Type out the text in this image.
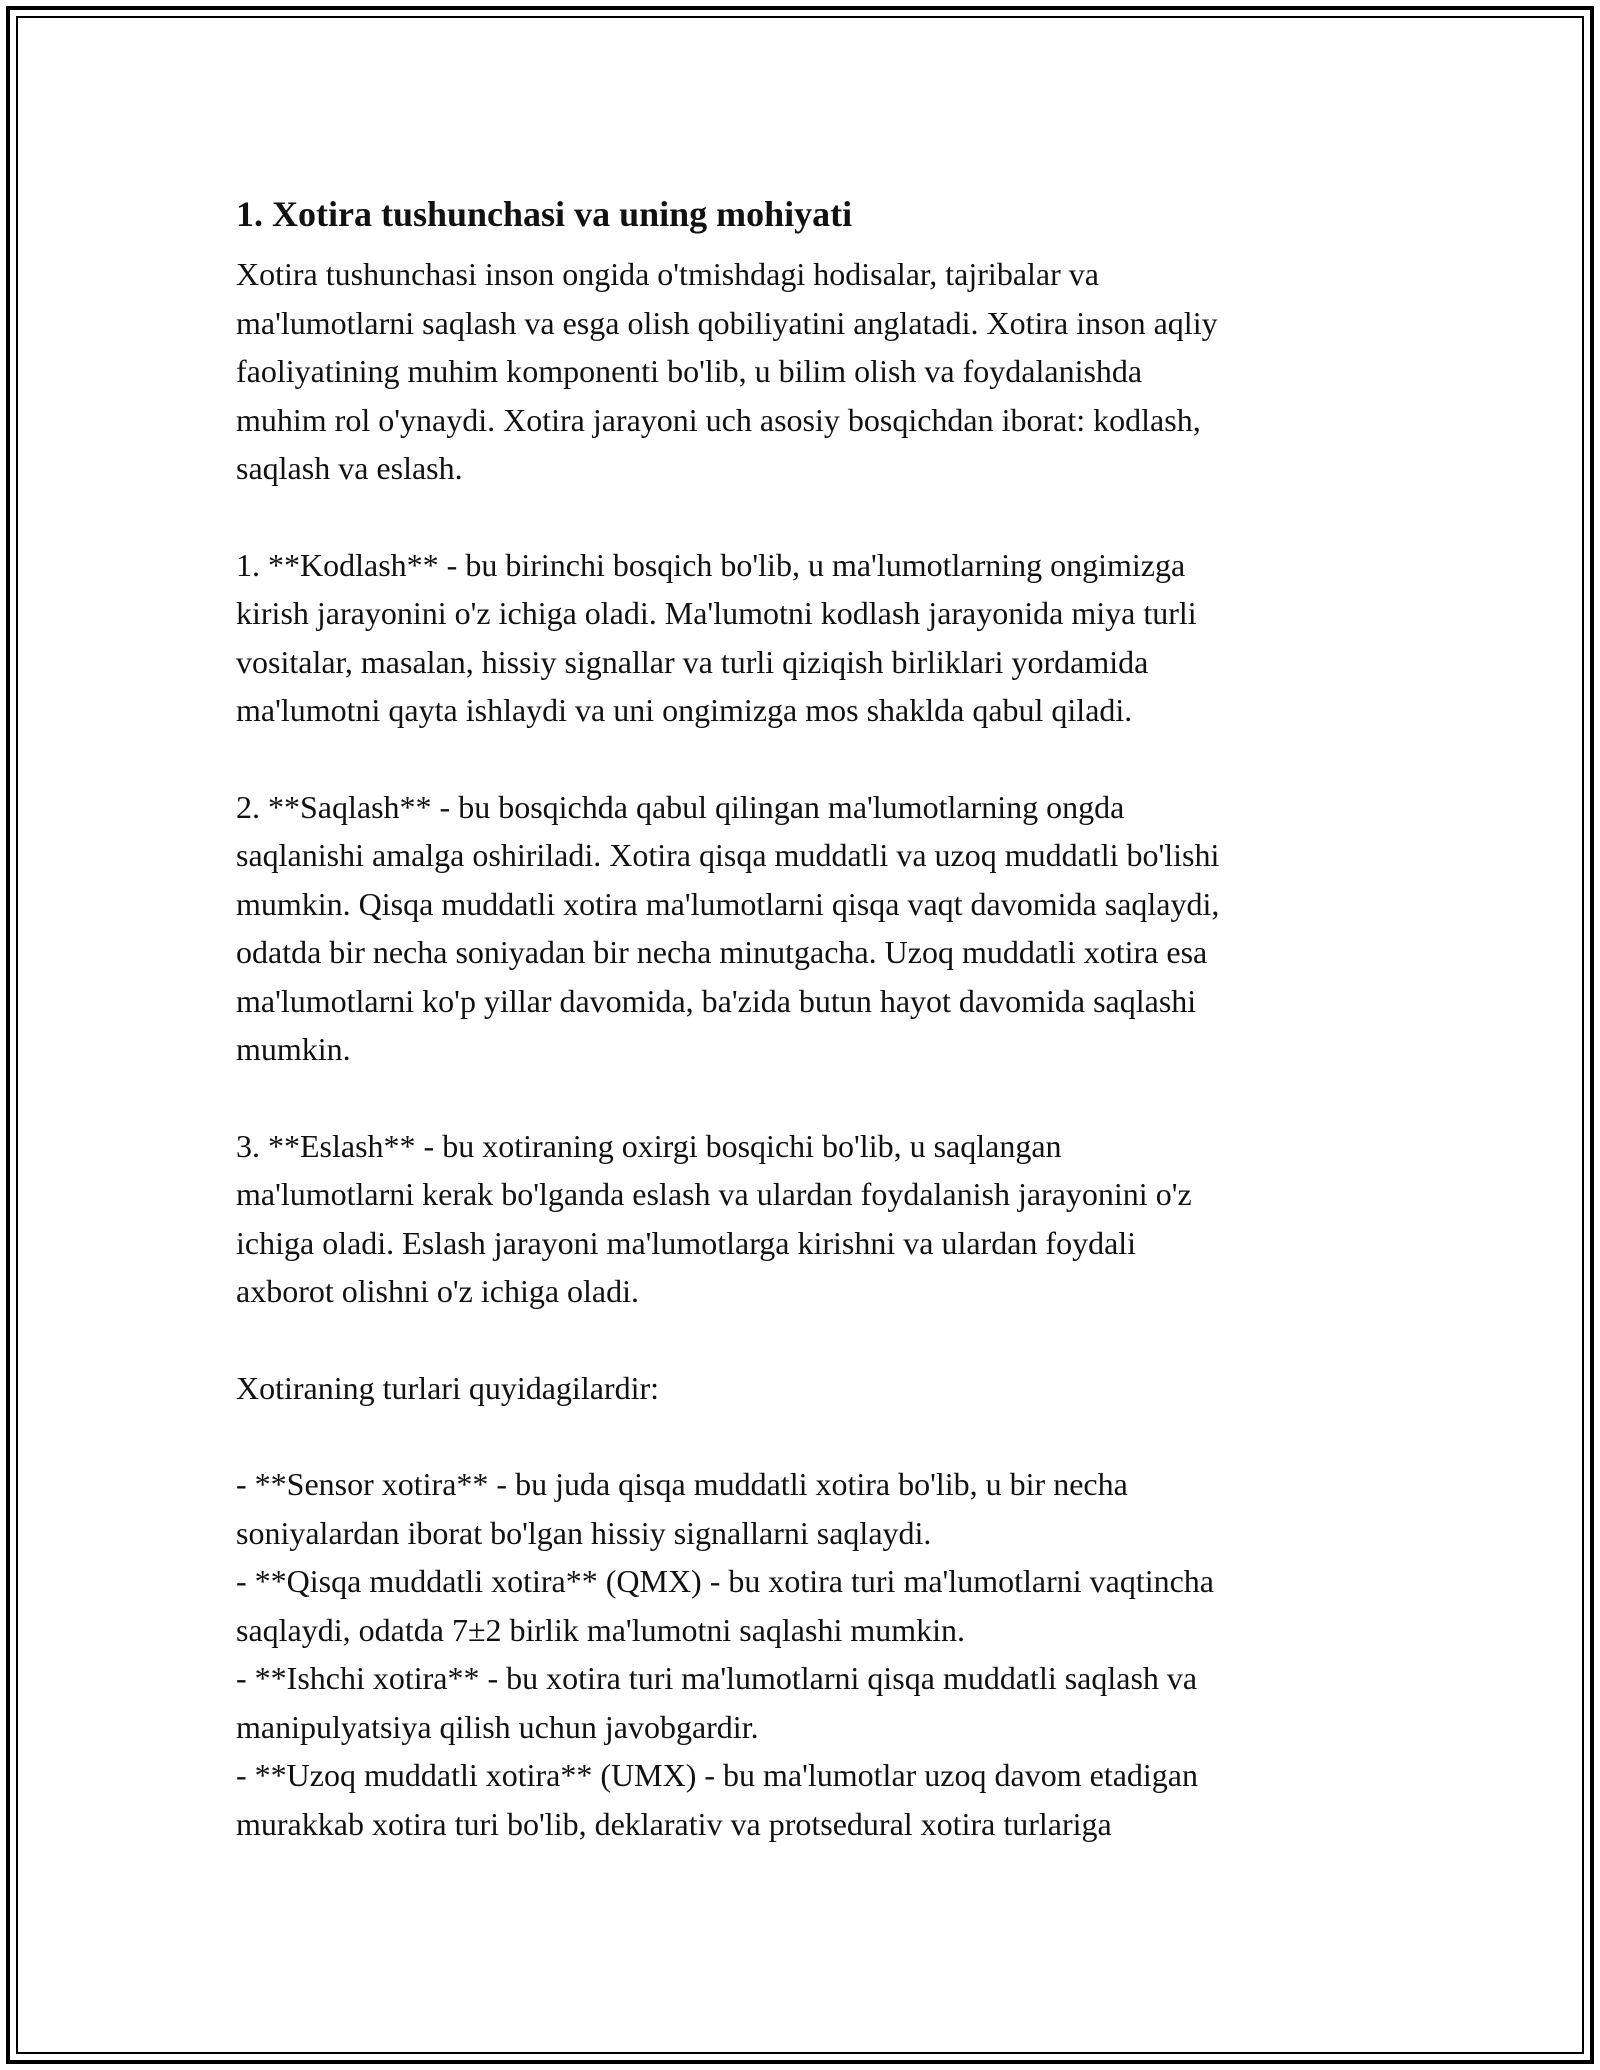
1. Xotira tushunchasi va uning mohiyati

Xotira tushunchasi inson ongida o'tmishdagi hodisalar, tajribalar va
ma'lumotlarni saqlash va esga olish qobiliyatini anglatadi. Xotira inson aqliy
faoliyatining muhim komponenti bo'lib, u bilim olish va foydalanishda
muhim rol o'ynaydi. Xotira jarayoni uch asosiy bosqichdan iborat: kodlash,
saqlash va eslash.

1. **Kodlash** - bu birinchi bosqich bo'lib, u ma'lumotlarning ongimizga
kirish jarayonini o'z ichiga oladi. Ma'lumotni kodlash jarayonida miya turli
vositalar, masalan, hissiy signallar va turli qiziqish birliklari yordamida
ma'lumotni qayta ishlaydi va uni ongimizga mos shaklda qabul qiladi.

2. **Saqlash** - bu bosqichda qabul qilingan ma'lumotlarning ongda
saqlanishi amalga oshiriladi. Xotira qisqa muddatli va uzoq muddatli bo'lishi
mumkin. Qisqa muddatli xotira ma'lumotlarni qisqa vaqt davomida saqlaydi,
odatda bir necha soniyadan bir necha minutgacha. Uzoq muddatli xotira esa
ma'lumotlarni ko'p yillar davomida, ba'zida butun hayot davomida saqlashi
mumkin.

3. **Eslash** - bu xotiraning oxirgi bosqichi bo'lib, u saqlangan
ma'lumotlarni kerak bo'lganda eslash va ulardan foydalanish jarayonini o'z
ichiga oladi. Eslash jarayoni ma'lumotlarga kirishni va ulardan foydali
axborot olishni o'z ichiga oladi.

Xotiraning turlari quyidagilardir:

- **Sensor xotira** - bu juda qisqa muddatli xotira bo'lib, u bir necha
soniyalardan iborat bo'lgan hissiy signallarni saqlaydi.

- **Qisqa muddatli xotira** (QMX) - bu xotira turi ma'lumotlarni vaqtincha
saqlaydi, odatda 7±2 birlik ma'lumotni saqlashi mumkin.

- **Ishchi xotira** - bu xotira turi ma'lumotlarni qisqa muddatli saqlash va
manipulyatsiya qilish uchun javobgardir.

- **Uzoq muddatli xotira** (UMX) - bu ma'lumotlar uzoq davom etadigan
murakkab xotira turi bo'lib, deklarativ va protsedural xotira turlariga
